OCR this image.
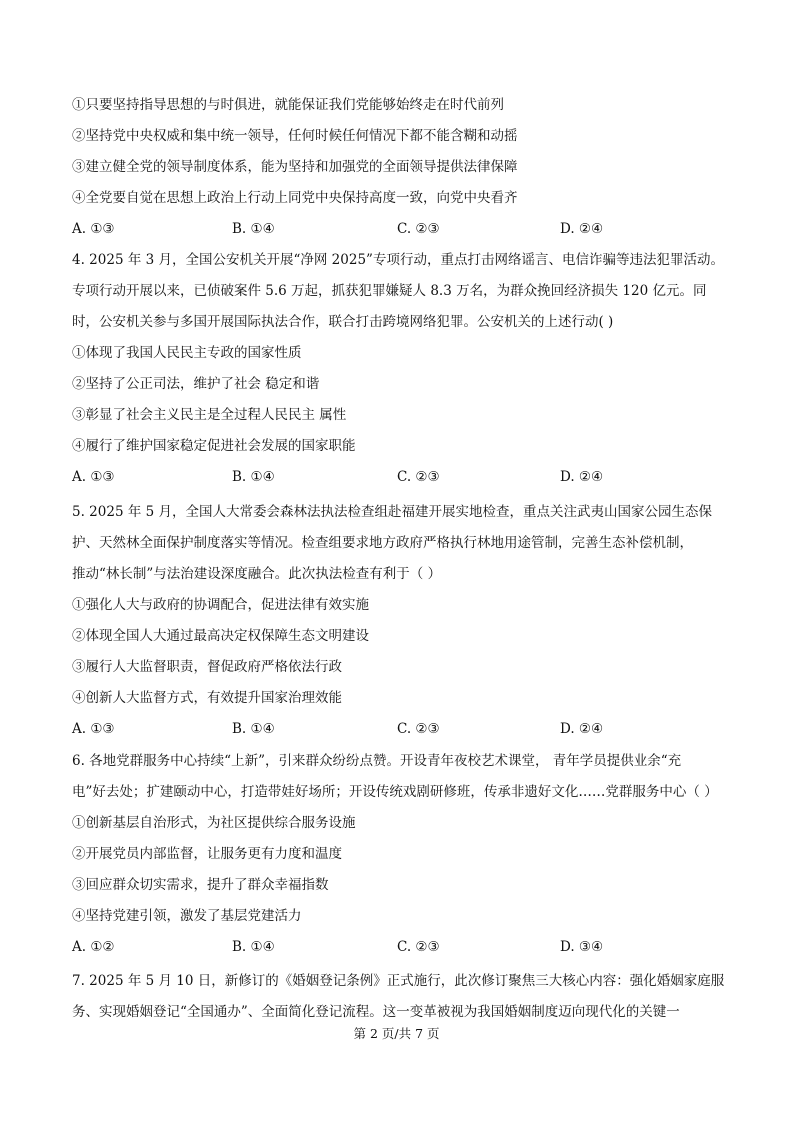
①只要坚持指导思想的与时俱进，就能保证我们党能够始终走在时代前列
②坚持党中央权威和集中统一领导，任何时候任何情况下都不能含糊和动摇
③建立健全党的领导制度体系，能为坚持和加强党的全面领导提供法律保障
④全党要自觉在思想上政治上行动上同党中央保持高度一致，向党中央看齐
A. ①③	B. ①④	C. ②③	D. ②④
4. 2025 年 3 月，全国公安机关开展“净网 2025”专项行动，重点打击网络谣言、电信诈骗等违法犯罪活动。
专项行动开展以来，已侦破案件 5.6 万起，抓获犯罪嫌疑人 8.3 万名，为群众挽回经济损失 120 亿元。同
时，公安机关参与多国开展国际执法合作，联合打击跨境网络犯罪。公安机关的上述行动( )
①体现了我国人民民主专政的国家性质
②坚持了公正司法，维护了社会 稳定和谐
③彰显了社会主义民主是全过程人民民主 属性
④履行了维护国家稳定促进社会发展的国家职能
A. ①③	B. ①④	C. ②③	D. ②④
5. 2025 年 5 月，全国人大常委会森林法执法检查组赴福建开展实地检查，重点关注武夷山国家公园生态保
护、天然林全面保护制度落实等情况。检查组要求地方政府严格执行林地用途管制，完善生态补偿机制，
推动“林长制”与法治建设深度融合。此次执法检查有利于（ ）
①强化人大与政府的协调配合，促进法律有效实施
②体现全国人大通过最高决定权保障生态文明建设
③履行人大监督职责，督促政府严格依法行政
④创新人大监督方式，有效提升国家治理效能
A. ①③	B. ①④	C. ②③	D. ②④
6. 各地党群服务中心持续“上新”，引来群众纷纷点赞。开设青年夜校艺术课堂， 青年学员提供业余“充
电”好去处；扩建颐动中心，打造带娃好场所；开设传统戏剧研修班，传承非遗好文化……党群服务中心（ ）
①创新基层自治形式，为社区提供综合服务设施
②开展党员内部监督，让服务更有力度和温度
③回应群众切实需求，提升了群众幸福指数
④坚持党建引领，激发了基层党建活力
A. ①②	B. ①④	C. ②③	D. ③④
7. 2025 年 5 月 10 日，新修订的《婚姻登记条例》正式施行，此次修订聚焦三大核心内容：强化婚姻家庭服
务、实现婚姻登记“全国通办”、全面简化登记流程。这一变革被视为我国婚姻制度迈向现代化的关键一
第 2 页/共 7 页
